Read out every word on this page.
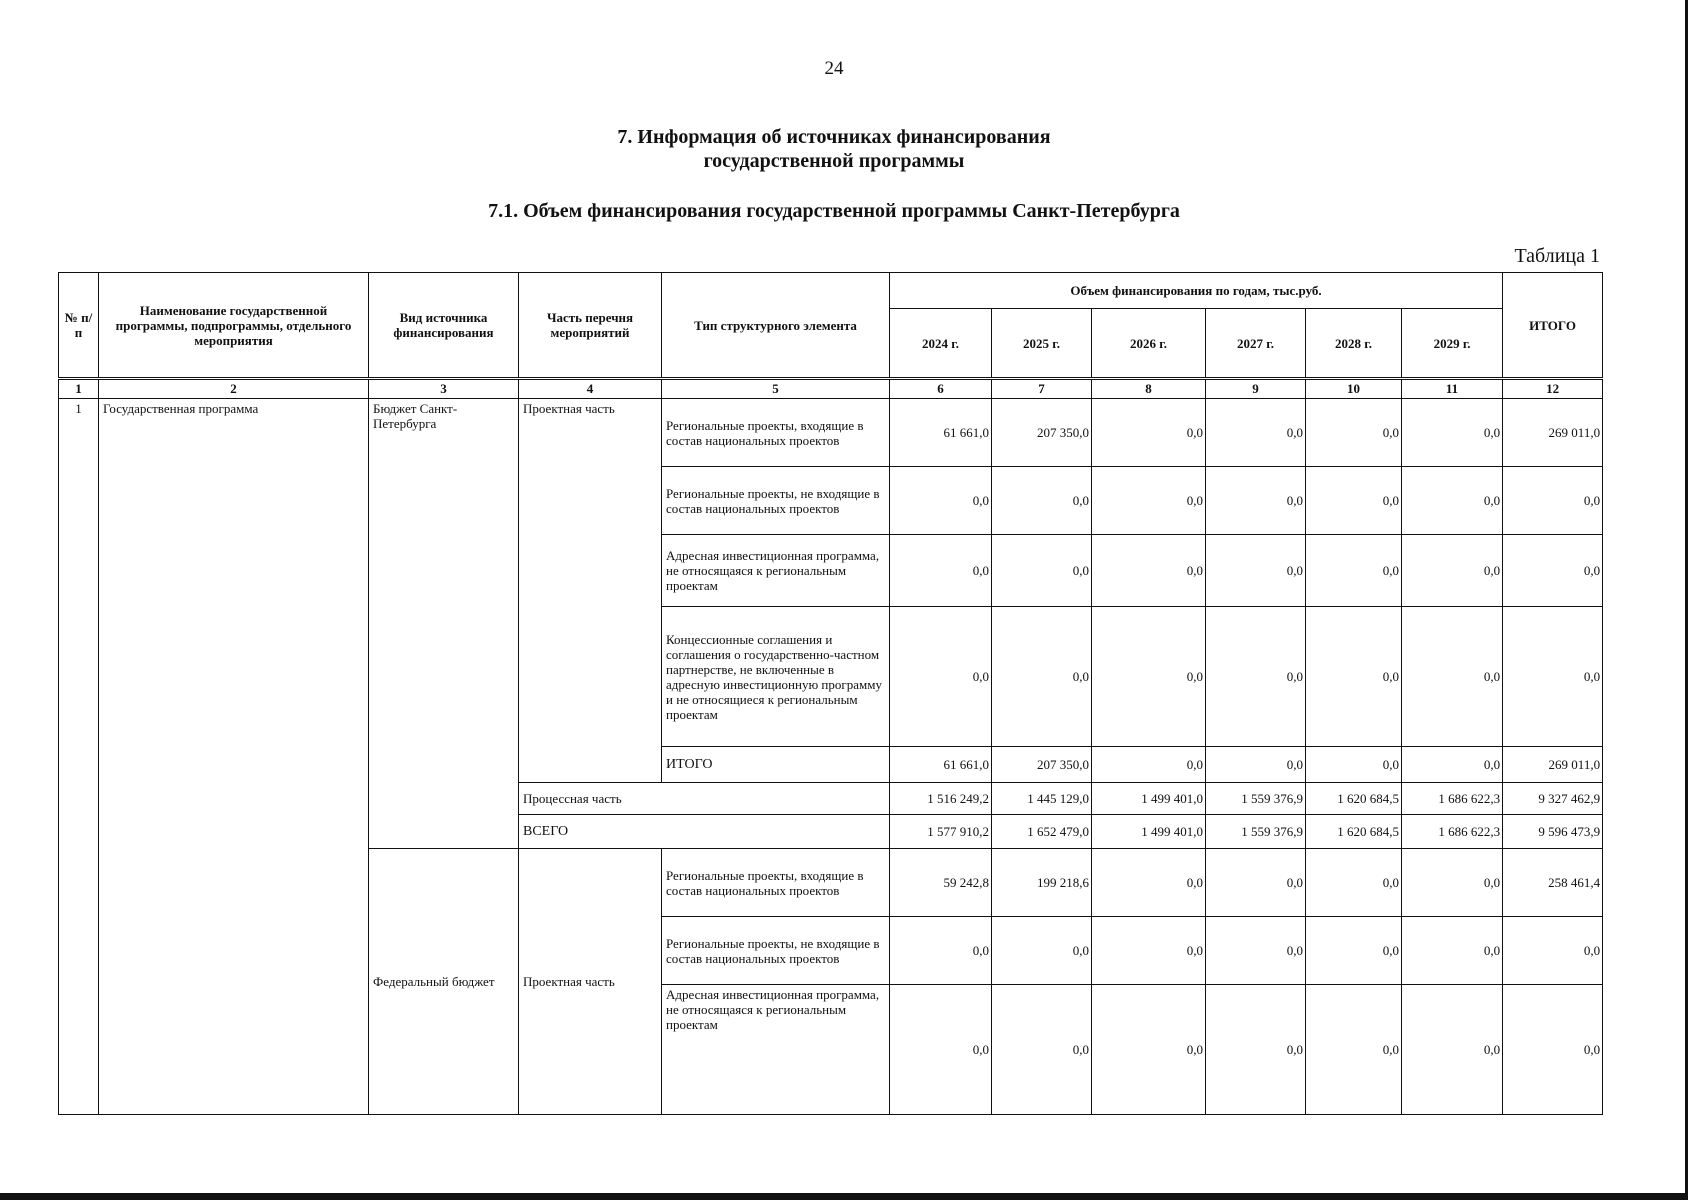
24
7. Информация об источниках финансирования
государственной программы
7.1. Объем финансирования государственной программы Санкт-Петербурга
Таблица 1
№ п/п	Наименование государственной программы, подпрограммы, отдельного мероприятия	Вид источника финансирования	Часть перечня мероприятий	Тип структурного элемента	Объем финансирования по годам, тыс.руб.						ИТОГО
					2024 г.	2025 г.	2026 г.	2027 г.	2028 г.	2029 г.	
1	2	3	4	5	6	7	8	9	10	11	12
1	Государственная программа	Бюджет Санкт-Петербурга	Проектная часть	Региональные проекты, входящие в состав национальных проектов	61 661,0	207 350,0	0,0	0,0	0,0	0,0	269 011,0
				Региональные проекты, не входящие в состав национальных проектов	0,0	0,0	0,0	0,0	0,0	0,0	0,0
				Адресная инвестиционная программа, не относящаяся к региональным проектам	0,0	0,0	0,0	0,0	0,0	0,0	0,0
				Концессионные соглашения и соглашения о государственно-частном партнерстве, не включенные в адресную инвестиционную программу и не относящиеся к региональным проектам	0,0	0,0	0,0	0,0	0,0	0,0	0,0
				ИТОГО	61 661,0	207 350,0	0,0	0,0	0,0	0,0	269 011,0
			Процессная часть		1 516 249,2	1 445 129,0	1 499 401,0	1 559 376,9	1 620 684,5	1 686 622,3	9 327 462,9
			ВСЕГО		1 577 910,2	1 652 479,0	1 499 401,0	1 559 376,9	1 620 684,5	1 686 622,3	9 596 473,9
		Федеральный бюджет	Проектная часть	Региональные проекты, входящие в состав национальных проектов	59 242,8	199 218,6	0,0	0,0	0,0	0,0	258 461,4
				Региональные проекты, не входящие в состав национальных проектов	0,0	0,0	0,0	0,0	0,0	0,0	0,0
				Адресная инвестиционная программа, не относящаяся к региональным проектам	0,0	0,0	0,0	0,0	0,0	0,0	0,0
